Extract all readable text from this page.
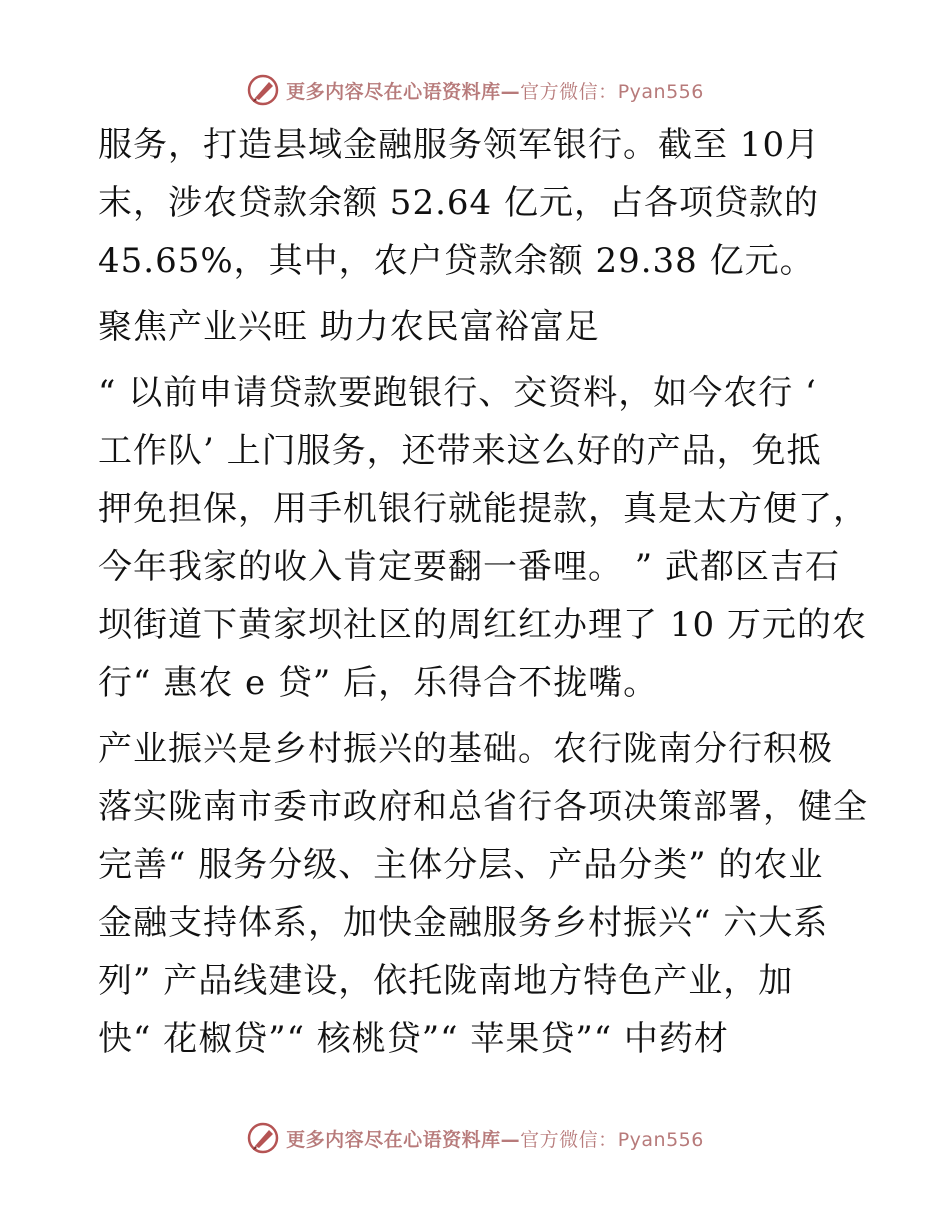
更多内容尽在心语资料库—官方微信：Pyan556
服务，打造县域金融服务领军银行。截至 10月
末，涉农贷款余额 52.64 亿元，占各项贷款的
45.65%，其中，农户贷款余额 29.38 亿元。
聚焦产业兴旺 助力农民富裕富足
“ 以前申请贷款要跑银行、交资料，如今农行 ‘
工作队’ 上门服务，还带来这么好的产品，免抵
押免担保，用手机银行就能提款，真是太方便了，
今年我家的收入肯定要翻一番哩。 ” 武都区吉石
坝街道下黄家坝社区的周红红办理了 10 万元的农
行“ 惠农 e 贷” 后，乐得合不拢嘴。
产业振兴是乡村振兴的基础。农行陇南分行积极
落实陇南市委市政府和总省行各项决策部署，健全
完善“ 服务分级、主体分层、产品分类” 的农业
金融支持体系，加快金融服务乡村振兴“ 六大系
列” 产品线建设，依托陇南地方特色产业，加
快“ 花椒贷”“ 核桃贷”“ 苹果贷”“ 中药材
更多内容尽在心语资料库—官方微信：Pyan556
